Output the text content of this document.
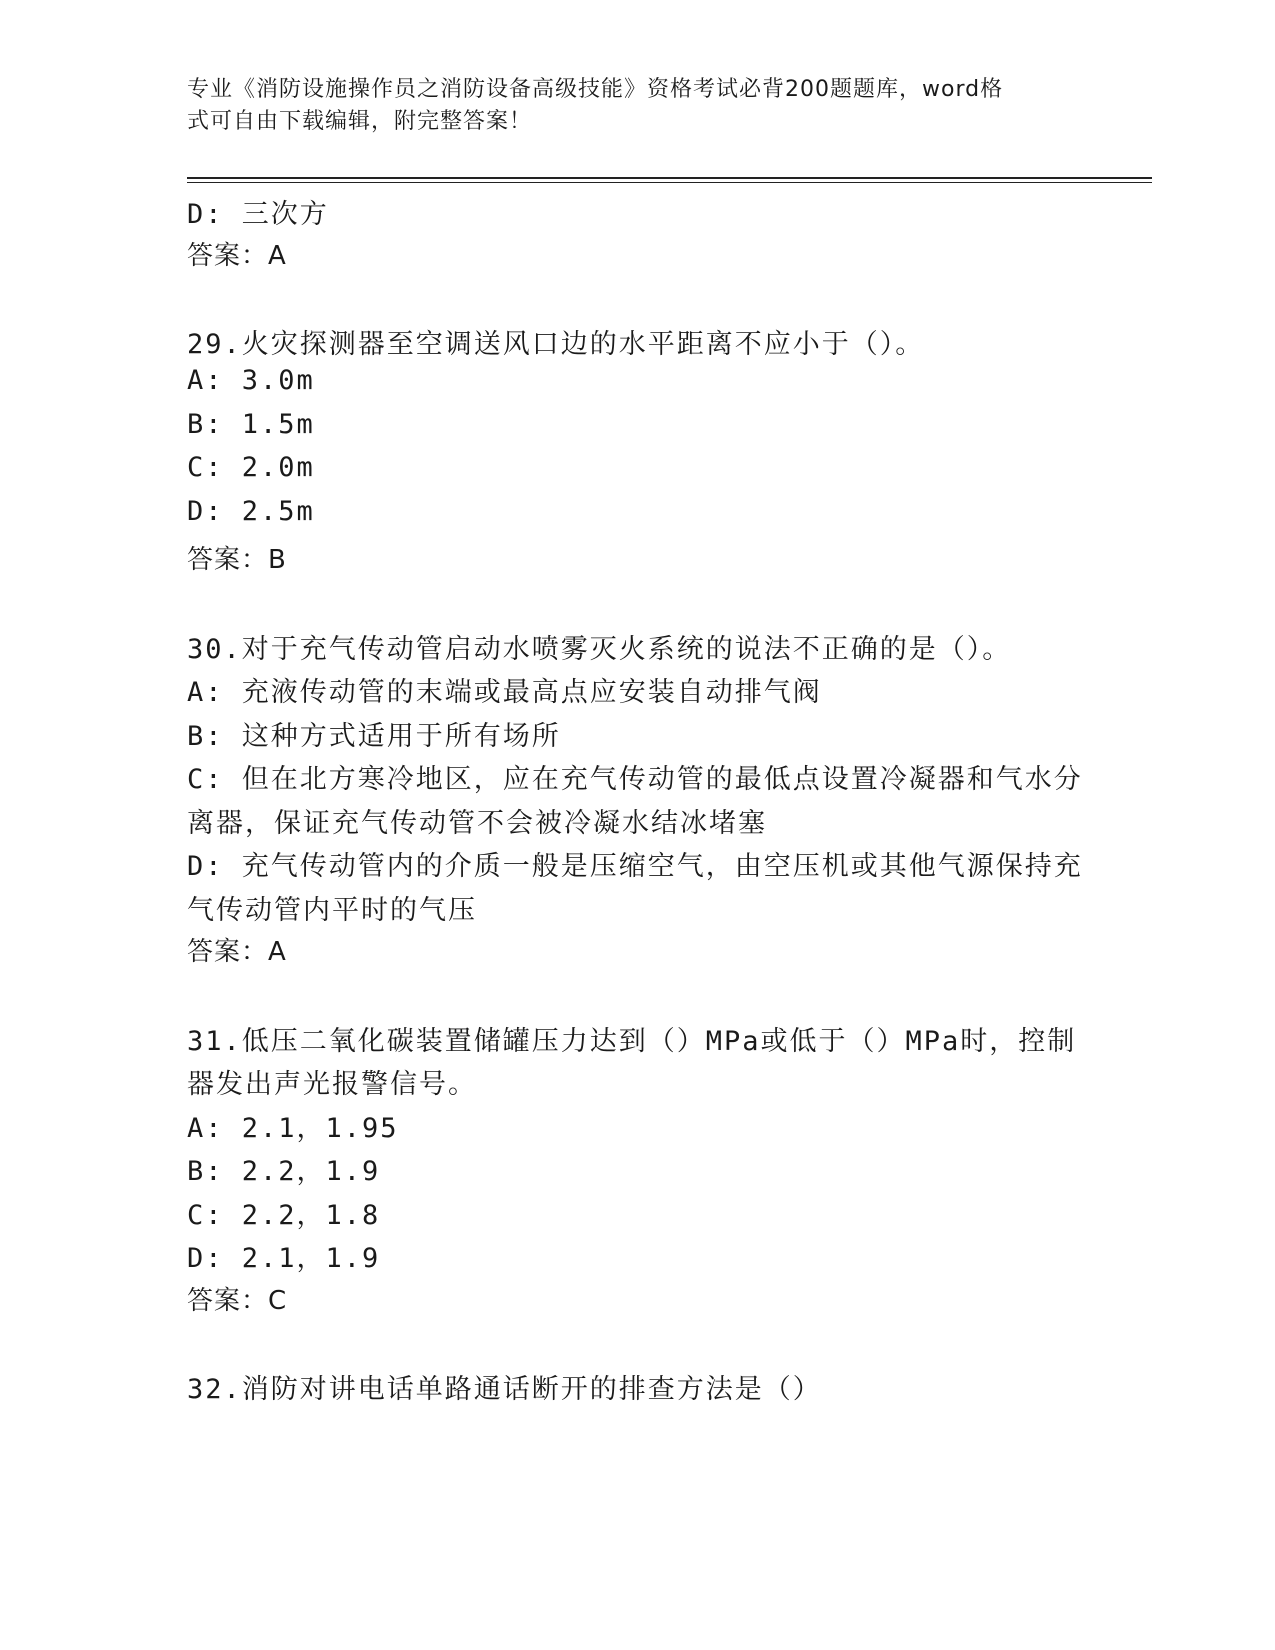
专业《消防设施操作员之消防设备高级技能》资格考试必背200题题库，word格
式可自由下载编辑，附完整答案！
D: 三次方
答案：A
29.火灾探测器至空调送风口边的水平距离不应小于（）。
A: 3.0m
B: 1.5m
C: 2.0m
D: 2.5m
答案：B
30.对于充气传动管启动水喷雾灭火系统的说法不正确的是（）。
A: 充液传动管的末端或最高点应安装自动排气阀
B: 这种方式适用于所有场所
C: 但在北方寒冷地区，应在充气传动管的最低点设置冷凝器和气水分
离器，保证充气传动管不会被冷凝水结冰堵塞
D: 充气传动管内的介质一般是压缩空气，由空压机或其他气源保持充
气传动管内平时的气压
答案：A
31.低压二氧化碳装置储罐压力达到（）MPa或低于（）MPa时，控制
器发出声光报警信号。
A: 2.1，1.95
B: 2.2，1.9
C: 2.2，1.8
D: 2.1，1.9
答案：C
32.消防对讲电话单路通话断开的排查方法是（）
